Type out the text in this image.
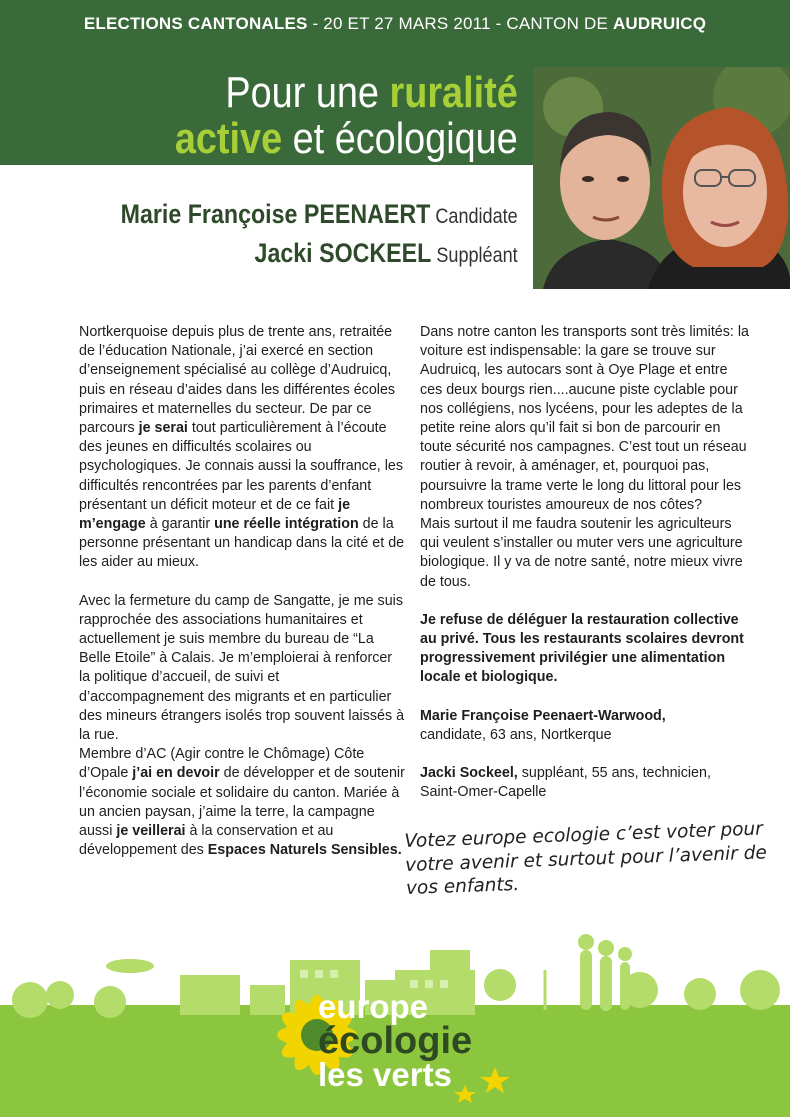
ELECTIONS CANTONALES - 20 ET 27 MARS 2011 - CANTON DE AUDRUICQ
Pour une ruralité
active et écologique
Marie Françoise PEENAERT Candidate
Jacki SOCKEEL Suppléant

Nortkerquoise depuis plus de trente ans, retraitée de l’éducation Nationale, j’ai exercé en section d’enseignement spécialisé au collège d’Audruicq, puis en réseau d’aides dans les différentes écoles primaires et maternelles du secteur. De par ce parcours je serai tout particulièrement à l’écoute des jeunes en difficultés scolaires ou psychologiques. Je connais aussi la souffrance, les difficultés rencontrées par les parents d’enfant présentant un déficit moteur et de ce fait je m’engage à garantir une réelle intégration de la personne présentant un handicap dans la cité et de les aider au mieux.

Avec la fermeture du camp de Sangatte, je me suis rapprochée des associations humanitaires et actuellement je suis membre du bureau de “La Belle Etoile” à Calais. Je m’emploierai à renforcer la politique d’accueil, de suivi et d’accompagnement des migrants et en particulier des mineurs étrangers isolés trop souvent laissés à la rue.

Membre d’AC (Agir contre le Chômage) Côte d’Opale j’ai en devoir de développer et de soutenir l’économie sociale et solidaire du canton. Mariée à un ancien paysan, j’aime la terre, la campagne aussi je veillerai à la conservation et au développement des Espaces Naturels Sensibles.

Dans notre canton les transports sont très limités: la voiture est indispensable: la gare se trouve sur Audruicq, les autocars sont à Oye Plage et entre ces deux bourgs rien....aucune piste cyclable pour nos collégiens, nos lycéens, pour les adeptes de la petite reine alors qu’il fait si bon de parcourir en toute sécurité nos campagnes. C’est tout un réseau routier à revoir, à aménager, et, pourquoi pas, poursuivre la trame verte le long du littoral pour les nombreux touristes amoureux de nos côtes?

Mais surtout il me faudra soutenir les agriculteurs qui veulent s’installer ou muter vers une agriculture biologique. Il y va de notre santé, notre mieux vivre de tous.

Je refuse de déléguer la restauration collective au privé. Tous les restaurants scolaires devront progressivement privilégier une alimentation locale et biologique.

Marie Françoise Peenaert-Warwood,
candidate, 63 ans, Nortkerque

Jacki Sockeel, suppléant, 55 ans, technicien, Saint-Omer-Capelle

Votez europe ecologie c’est voter pour votre avenir et surtout pour l’avenir de vos enfants.
europe
écologie
les verts
